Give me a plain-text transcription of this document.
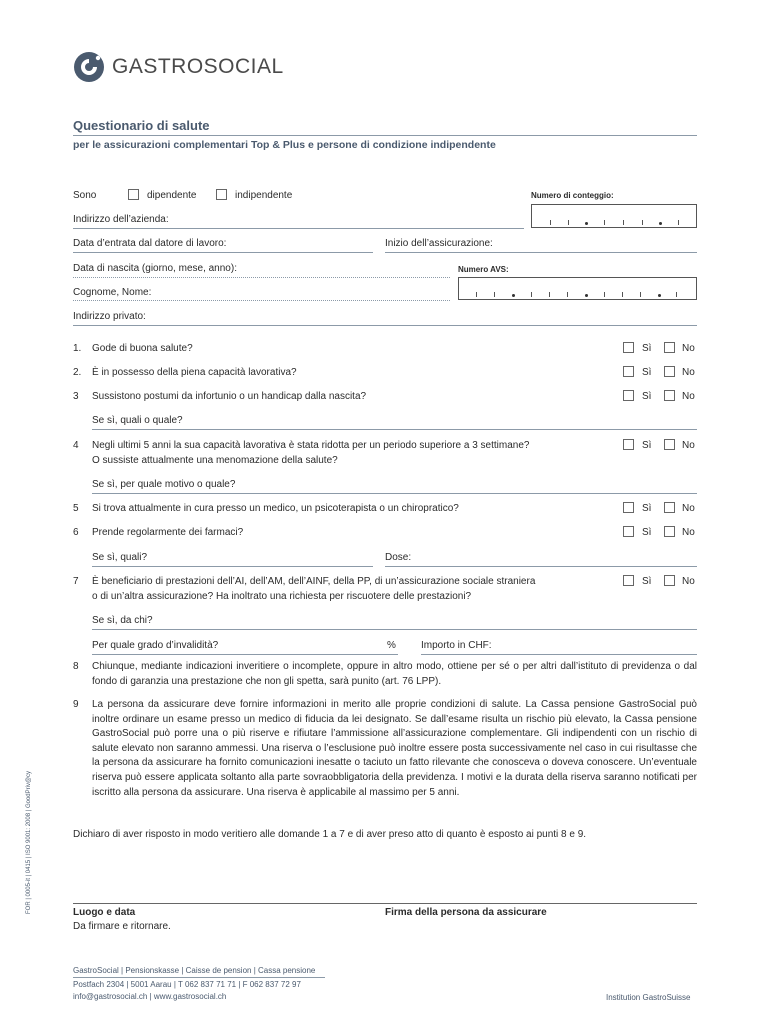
GASTROSOCIAL
Questionario di salute
per le assicurazioni complementari Top & Plus e persone di condizione indipendente
Sono	dipendente	indipendente	Numero di conteggio:
Indirizzo dell’azienda:
Data d’entrata dal datore di lavoro:	Inizio dell’assicurazione:
Data di nascita (giorno, mese, anno):	Numero AVS:
Cognome, Nome:
Indirizzo privato:
1. Gode di buona salute?	Sì	No
2. È in possesso della piena capacità lavorativa?	Sì	No
3 Sussistono postumi da infortunio o un handicap dalla nascita?	Sì	No
Se sì, quali o quale?
4 Negli ultimi 5 anni la sua capacità lavorativa è stata ridotta per un periodo superiore a 3 settimane?
O sussiste attualmente una menomazione della salute?
Sì	No
Se sì, per quale motivo o quale?
5 Si trova attualmente in cura presso un medico, un psicoterapista o un chiropratico?	Sì	No
6 Prende regolarmente dei farmaci?	Sì	No
Se sì, quali?	Dose:
7 È beneficiario di prestazioni dell’AI, dell’AM, dell’AINF, della PP, di un’assicurazione sociale straniera
o di un’altra assicurazione? Ha inoltrato una richiesta per riscuotere delle prestazioni?
Sì	No
Se sì, da chi?
Per quale grado d’invalidità?	%	Importo in CHF:
8 Chiunque, mediante indicazioni inveritiere o incomplete, oppure in altro modo, ottiene per sé o per altri dall’istituto di previdenza o dal fondo di garanzia una prestazione che non gli spetta, sarà punito (art. 76 LPP).
9 La persona da assicurare deve fornire informazioni in merito alle proprie condizioni di salute. La Cassa pensione GastroSocial può inoltre ordinare un esame presso un medico di fiducia da lei designato. Se dall’esame risulta un rischio più elevato, la Cassa pensione GastroSocial può porre una o più riserve e rifiutare l’ammissione all’assicurazione complementare. Gli indipendenti con un rischio di salute elevato non saranno ammessi. Una riserva o l’esclusione può inoltre essere posta successivamente nel caso in cui risultasse che la persona da assicurare ha fornito comunicazioni inesatte o taciuto un fatto rilevante che conosceva o doveva conoscere. Un’eventuale riserva può essere applicata soltanto alla parte sovraobbligatoria della previdenza. I motivi e la durata della riserva saranno notificati per iscritto alla persona da assicurare. Una riserva è applicabile al massimo per 5 anni.
Dichiaro di aver risposto in modo veritiero alle domande 1 a 7 e di aver preso atto di quanto è esposto ai punti 8 e 9.
Luogo e data	Firma della persona da assicurare
Da firmare e ritornare.
FOR | 0005-it | 0415 | ISO 9001: 2008 | GoodPriv@cy
GastroSocial | Pensionskasse | Caisse de pension | Cassa pensione
Postfach 2304 | 5001 Aarau | T 062 837 71 71 | F 062 837 72 97
info@gastrosocial.ch | www.gastrosocial.ch	Institution GastroSuisse
